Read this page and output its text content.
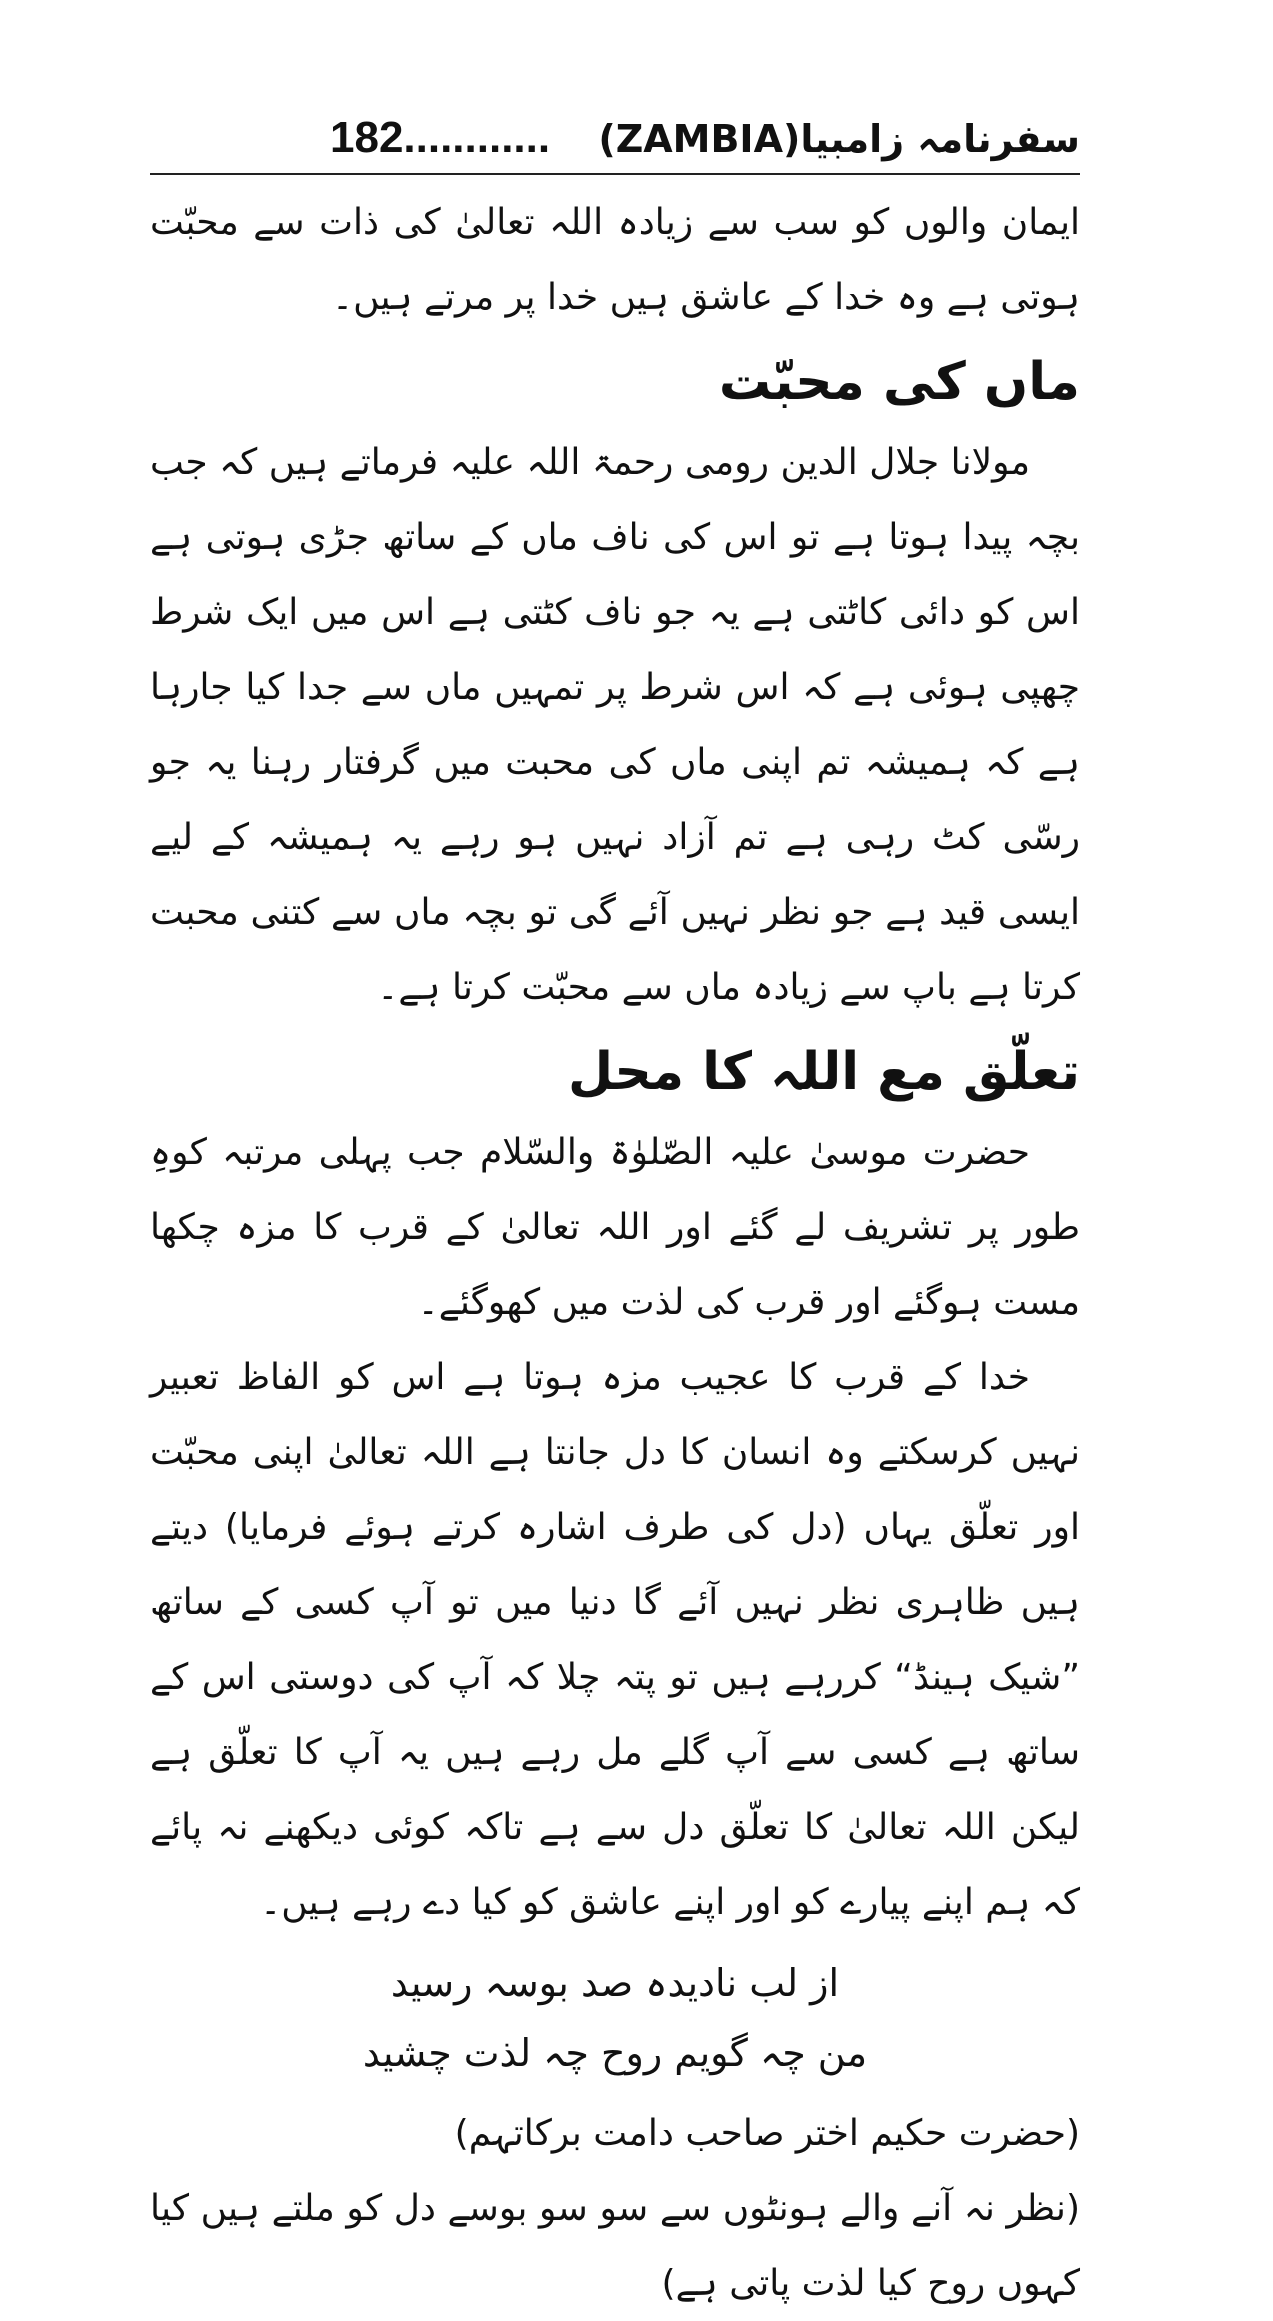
182............ سفرنامہ زامبیا(ZAMBIA)

ایمان والوں کو سب سے زیادہ اللہ تعالیٰ کی ذات سے محبّت ہوتی ہے وہ خدا کے عاشق ہیں خدا پر مرتے ہیں۔

ماں کی محبّت

مولانا جلال الدین رومی رحمۃ اللہ علیہ فرماتے ہیں کہ جب بچہ پیدا ہوتا ہے تو اس کی ناف ماں کے ساتھ جڑی ہوتی ہے اس کو دائی کاٹتی ہے یہ جو ناف کٹتی ہے اس میں ایک شرط چھپی ہوئی ہے کہ اس شرط پر تمہیں ماں سے جدا کیا جارہا ہے کہ ہمیشہ تم اپنی ماں کی محبت میں گرفتار رہنا یہ جو رسّی کٹ رہی ہے تم آزاد نہیں ہو رہے یہ ہمیشہ کے لیے ایسی قید ہے جو نظر نہیں آئے گی تو بچہ ماں سے کتنی محبت کرتا ہے باپ سے زیادہ ماں سے محبّت کرتا ہے۔

تعلّق مع اللہ کا محل

حضرت موسیٰ علیہ الصّلوٰۃ والسّلام جب پہلی مرتبہ کوہِ طور پر تشریف لے گئے اور اللہ تعالیٰ کے قرب کا مزہ چکھا مست ہوگئے اور قرب کی لذت میں کھوگئے۔

خدا کے قرب کا عجیب مزہ ہوتا ہے اس کو الفاظ تعبیر نہیں کرسکتے وہ انسان کا دل جانتا ہے اللہ تعالیٰ اپنی محبّت اور تعلّق یہاں (دل کی طرف اشارہ کرتے ہوئے فرمایا) دیتے ہیں ظاہری نظر نہیں آئے گا دنیا میں تو آپ کسی کے ساتھ ”شیک ہینڈ“ کررہے ہیں تو پتہ چلا کہ آپ کی دوستی اس کے ساتھ ہے کسی سے آپ گلے مل رہے ہیں یہ آپ کا تعلّق ہے لیکن اللہ تعالیٰ کا تعلّق دل سے ہے تاکہ کوئی دیکھنے نہ پائے کہ ہم اپنے پیارے کو اور اپنے عاشق کو کیا دے رہے ہیں۔

از لب نادیدہ صد بوسہ رسید

من چہ گویم روح چہ لذت چشید

(حضرت حکیم اختر صاحب دامت برکاتہم)

(نظر نہ آنے والے ہونٹوں سے سو سو بوسے دل کو ملتے ہیں کیا کہوں روح کیا لذت پاتی ہے)
